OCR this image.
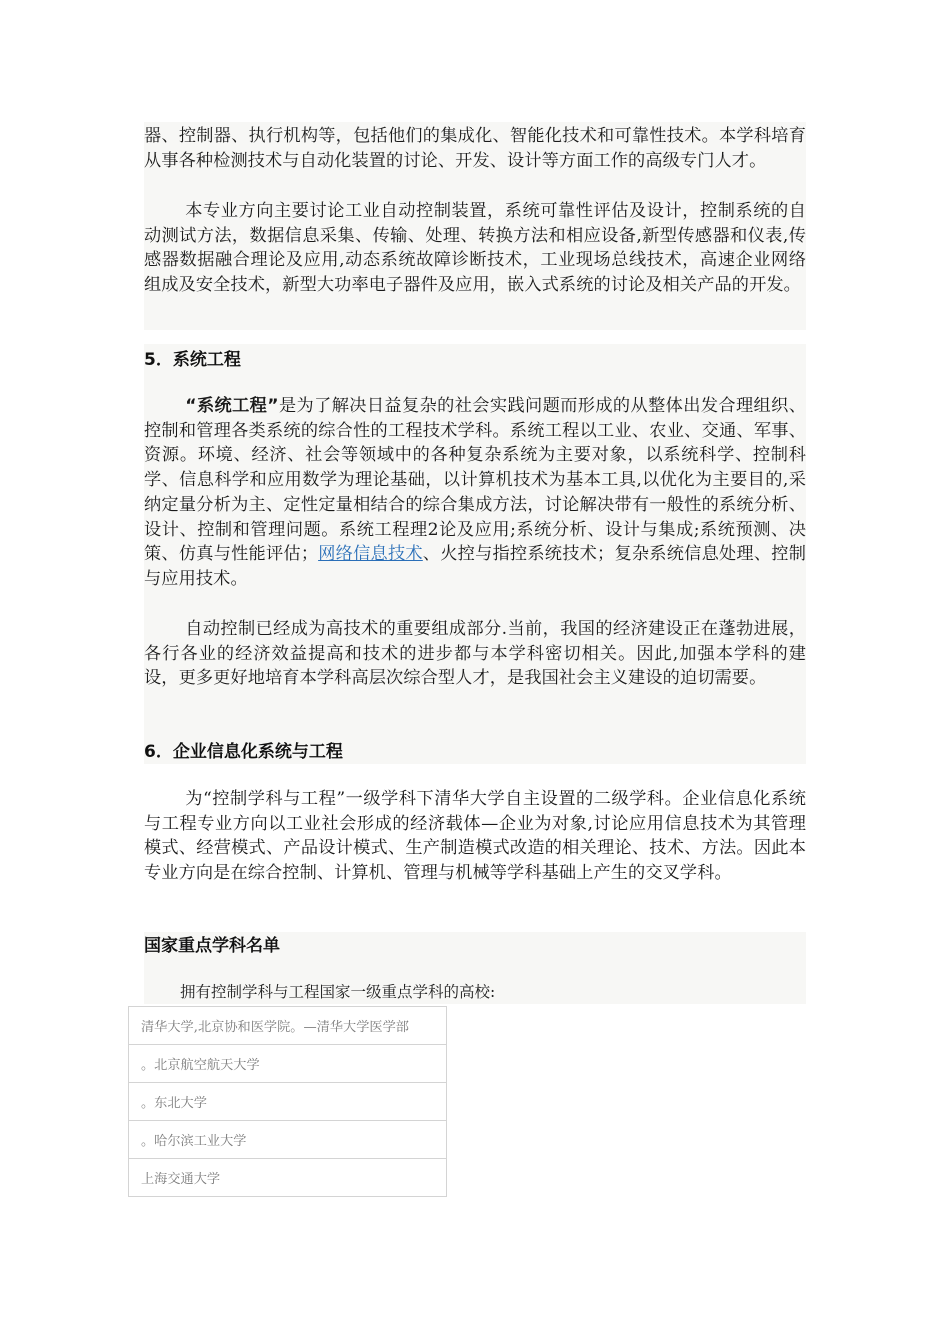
器、控制器、执行机构等，包括他们的集成化、智能化技术和可靠性技术。本学科培育从事各种检测技术与自动化装置的讨论、开发、设计等方面工作的高级专门人才。

本专业方向主要讨论工业自动控制装置，系统可靠性评估及设计，控制系统的自动测试方法，数据信息采集、传输、处理、转换方法和相应设备,新型传感器和仪表,传感器数据融合理论及应用,动态系统故障诊断技术，工业现场总线技术，高速企业网络组成及安全技术，新型大功率电子器件及应用，嵌入式系统的讨论及相关产品的开发。

5．系统工程

“系统工程”是为了解决日益复杂的社会实践问题而形成的从整体出发合理组织、控制和管理各类系统的综合性的工程技术学科。系统工程以工业、农业、交通、军事、资源。环境、经济、社会等领域中的各种复杂系统为主要对象，以系统科学、控制科学、信息科学和应用数学为理论基础，以计算机技术为基本工具,以优化为主要目的,采纳定量分析为主、定性定量相结合的综合集成方法，讨论解决带有一般性的系统分析、设计、控制和管理问题。系统工程理2论及应用;系统分析、设计与集成;系统预测、决策、仿真与性能评估；网络信息技术、火控与指控系统技术；复杂系统信息处理、控制与应用技术。

自动控制已经成为高技术的重要组成部分.当前，我国的经济建设正在蓬勃进展，各行各业的经济效益提高和技术的进步都与本学科密切相关。因此,加强本学科的建设，更多更好地培育本学科高层次综合型人才，是我国社会主义建设的迫切需要。

6．企业信息化系统与工程

为“控制学科与工程”一级学科下清华大学自主设置的二级学科。企业信息化系统与工程专业方向以工业社会形成的经济载体—企业为对象,讨论应用信息技术为其管理模式、经营模式、产品设计模式、生产制造模式改造的相关理论、技术、方法。因此本专业方向是在综合控制、计算机、管理与机械等学科基础上产生的交叉学科。

国家重点学科名单

拥有控制学科与工程国家一级重点学科的高校:

清华大学,北京协和医学院。—清华大学医学部
。北京航空航天大学
。东北大学
。哈尔滨工业大学
上海交通大学
